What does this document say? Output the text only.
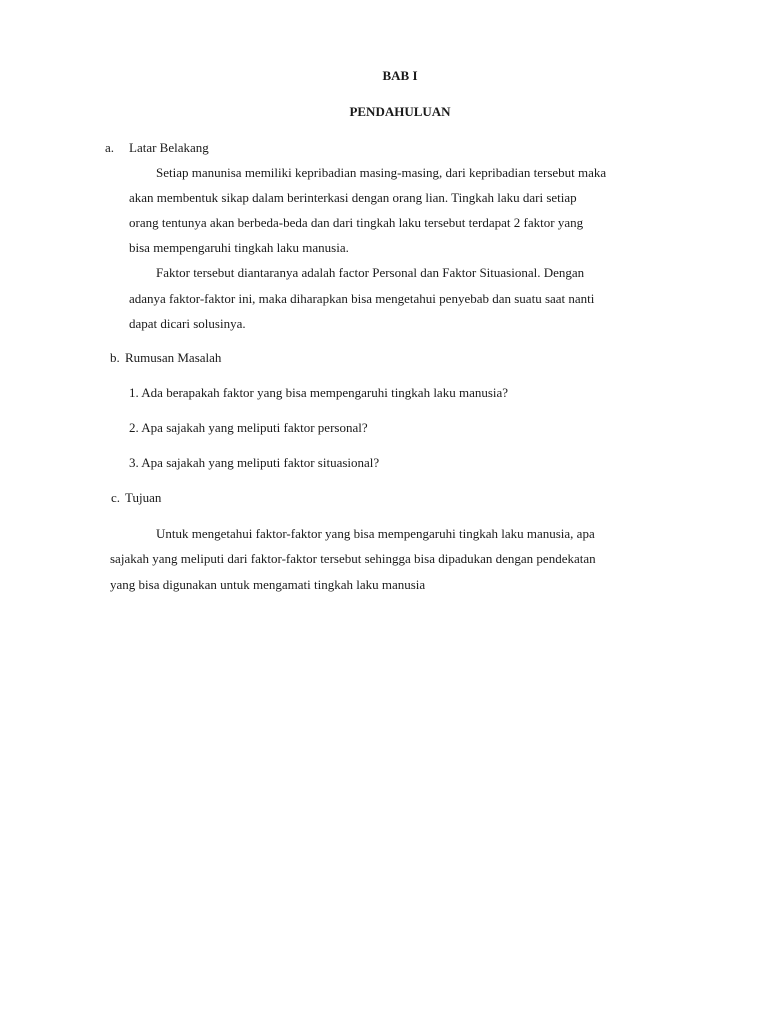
BAB I
PENDAHULUAN
a. Latar Belakang
Setiap manunisa memiliki kepribadian masing-masing, dari kepribadian tersebut maka
akan membentuk sikap dalam berinterkasi dengan orang lian. Tingkah laku dari setiap
orang tentunya akan berbeda-beda dan dari tingkah laku tersebut terdapat 2 faktor yang
bisa mempengaruhi tingkah laku manusia.
Faktor tersebut diantaranya adalah factor Personal dan Faktor Situasional. Dengan
adanya faktor-faktor ini, maka diharapkan bisa mengetahui penyebab dan suatu saat nanti
dapat dicari solusinya.
b. Rumusan Masalah
1. Ada berapakah faktor yang bisa mempengaruhi tingkah laku manusia?
2. Apa sajakah yang meliputi faktor personal?
3. Apa sajakah yang meliputi faktor situasional?
c. Tujuan
Untuk mengetahui faktor-faktor yang bisa mempengaruhi tingkah laku manusia, apa
sajakah yang meliputi dari faktor-faktor tersebut sehingga bisa dipadukan dengan pendekatan
yang bisa digunakan untuk mengamati tingkah laku manusia
